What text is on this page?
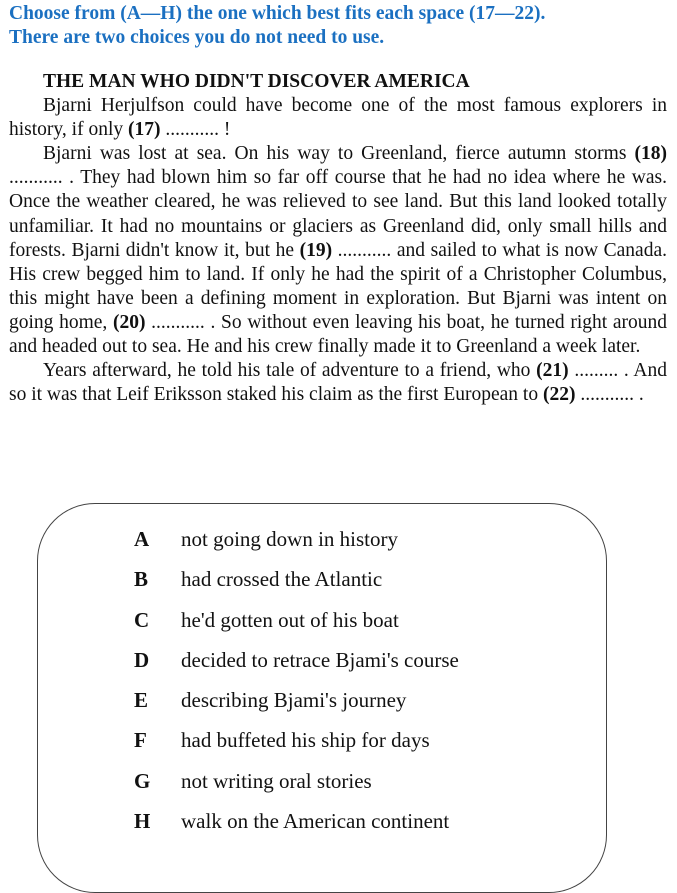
Choose from (A—H) the one which best fits each space (17—22).
There are two choices you do not need to use.

THE MAN WHO DIDN'T DISCOVER AMERICA

Bjarni Herjulfson could have become one of the most famous explorers in history, if only (17) ........... !

Bjarni was lost at sea. On his way to Greenland, fierce autumn storms (18) ........... . They had blown him so far off course that he had no idea where he was. Once the weather cleared, he was relieved to see land. But this land looked totally unfamiliar. It had no mountains or glaciers as Greenland did, only small hills and forests. Bjarni didn't know it, but he (19) ........... and sailed to what is now Canada. His crew begged him to land. If only he had the spirit of a Christopher Columbus, this might have been a defining moment in exploration. But Bjarni was intent on going home, (20) ........... . So without even leaving his boat, he turned right around and headed out to sea. He and his crew finally made it to Greenland a week later.

Years afterward, he told his tale of adventure to a friend, who (21) ......... . And so it was that Leif Eriksson staked his claim as the first European to (22) ........... .

A	not going down in history
B	had crossed the Atlantic
C	he'd gotten out of his boat
D	decided to retrace Bjami's course
E	describing Bjami's journey
F	had buffeted his ship for days
G	not writing oral stories
H	walk on the American continent
